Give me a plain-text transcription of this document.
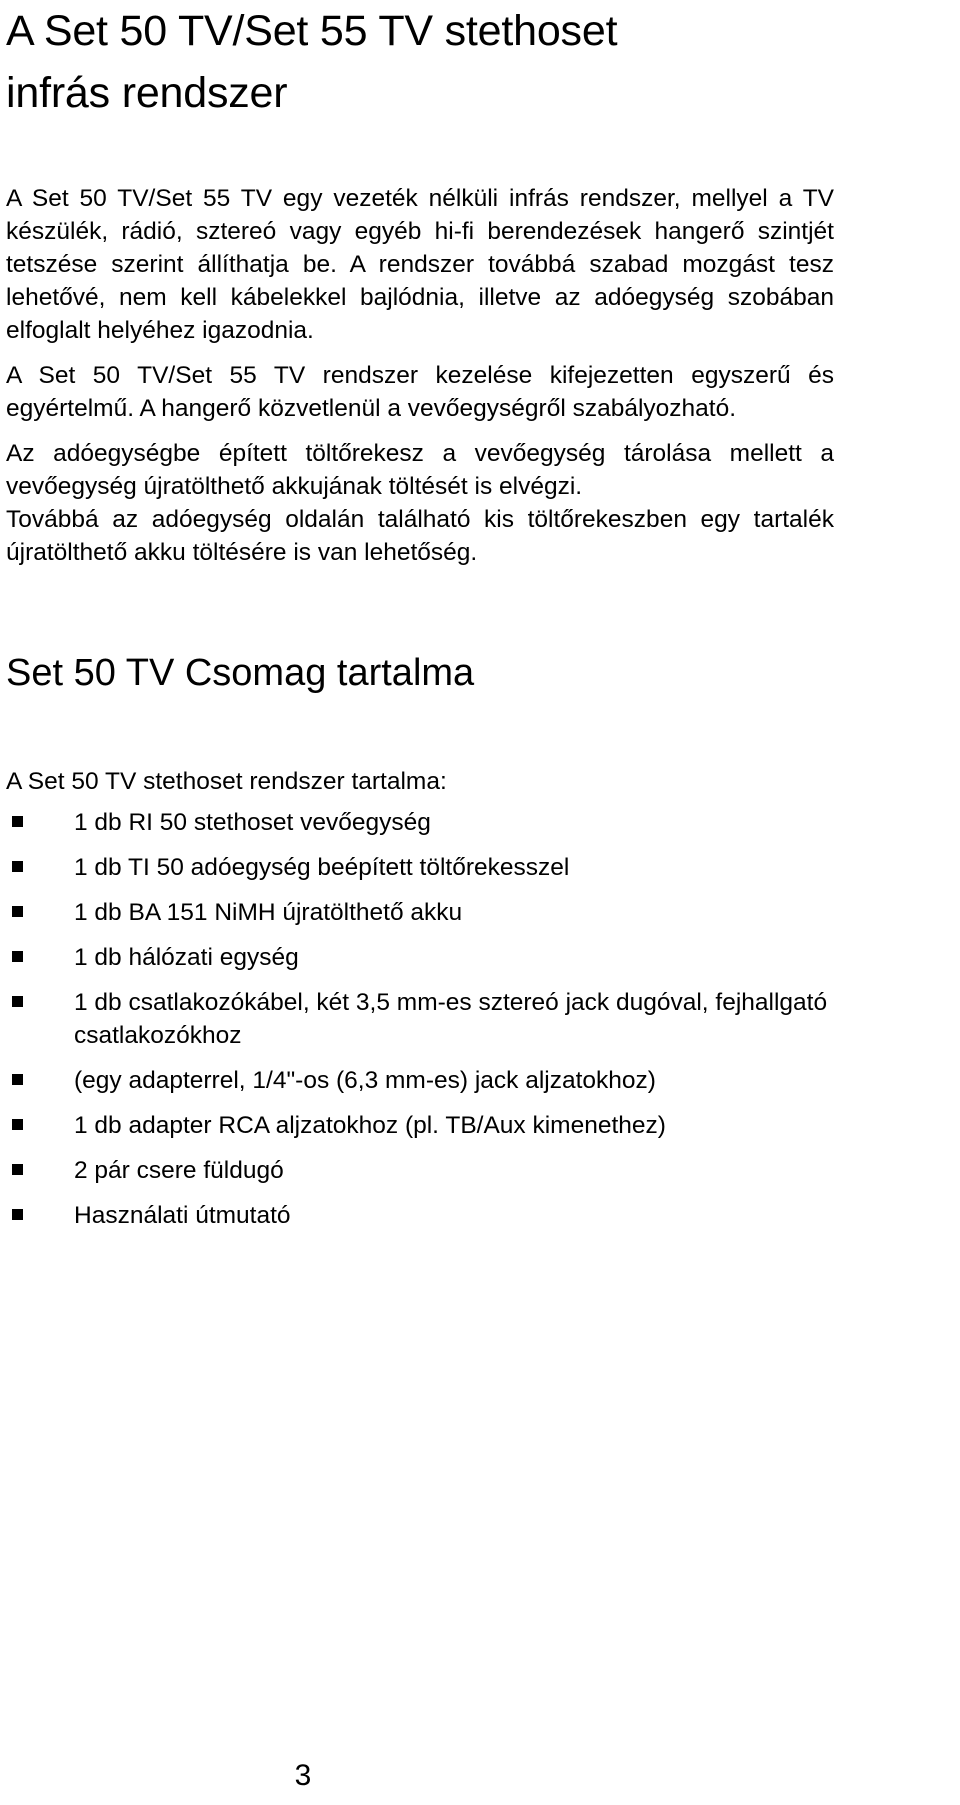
A Set 50 TV/Set 55 TV stethoset
infrás rendszer

A Set 50 TV/Set 55 TV egy vezeték nélküli infrás rendszer, mellyel a TV készülék, rádió, sztereó vagy egyéb hi-fi berendezések hangerő szintjét tetszése szerint állíthatja be. A rendszer továbbá szabad mozgást tesz lehetővé, nem kell kábelekkel bajlódnia, illetve az adóegység szobában elfoglalt helyéhez igazodnia.

A Set 50 TV/Set 55 TV rendszer kezelése kifejezetten egyszerű és egyértelmű. A hangerő közvetlenül a vevőegységről szabályozható.

Az adóegységbe épített töltőrekesz a vevőegység tárolása mellett a vevőegység újratölthető akkujának töltését is elvégzi.

Továbbá az adóegység oldalán található kis töltőrekeszben egy tartalék újratölthető akku töltésére is van lehetőség.

Set 50 TV Csomag tartalma
A Set 50 TV stethoset rendszer tartalma:
1 db RI 50 stethoset vevőegység
1 db TI 50 adóegység beépített töltőrekesszel
1 db BA 151 NiMH újratölthető akku
1 db hálózati egység
1 db csatlakozókábel, két 3,5 mm-es sztereó jack dugóval, fejhallgató csatlakozókhoz
(egy adapterrel, 1/4"-os (6,3 mm-es) jack aljzatokhoz)
1 db adapter RCA aljzatokhoz (pl. TB/Aux kimenethez)
2 pár csere füldugó
Használati útmutató
3
